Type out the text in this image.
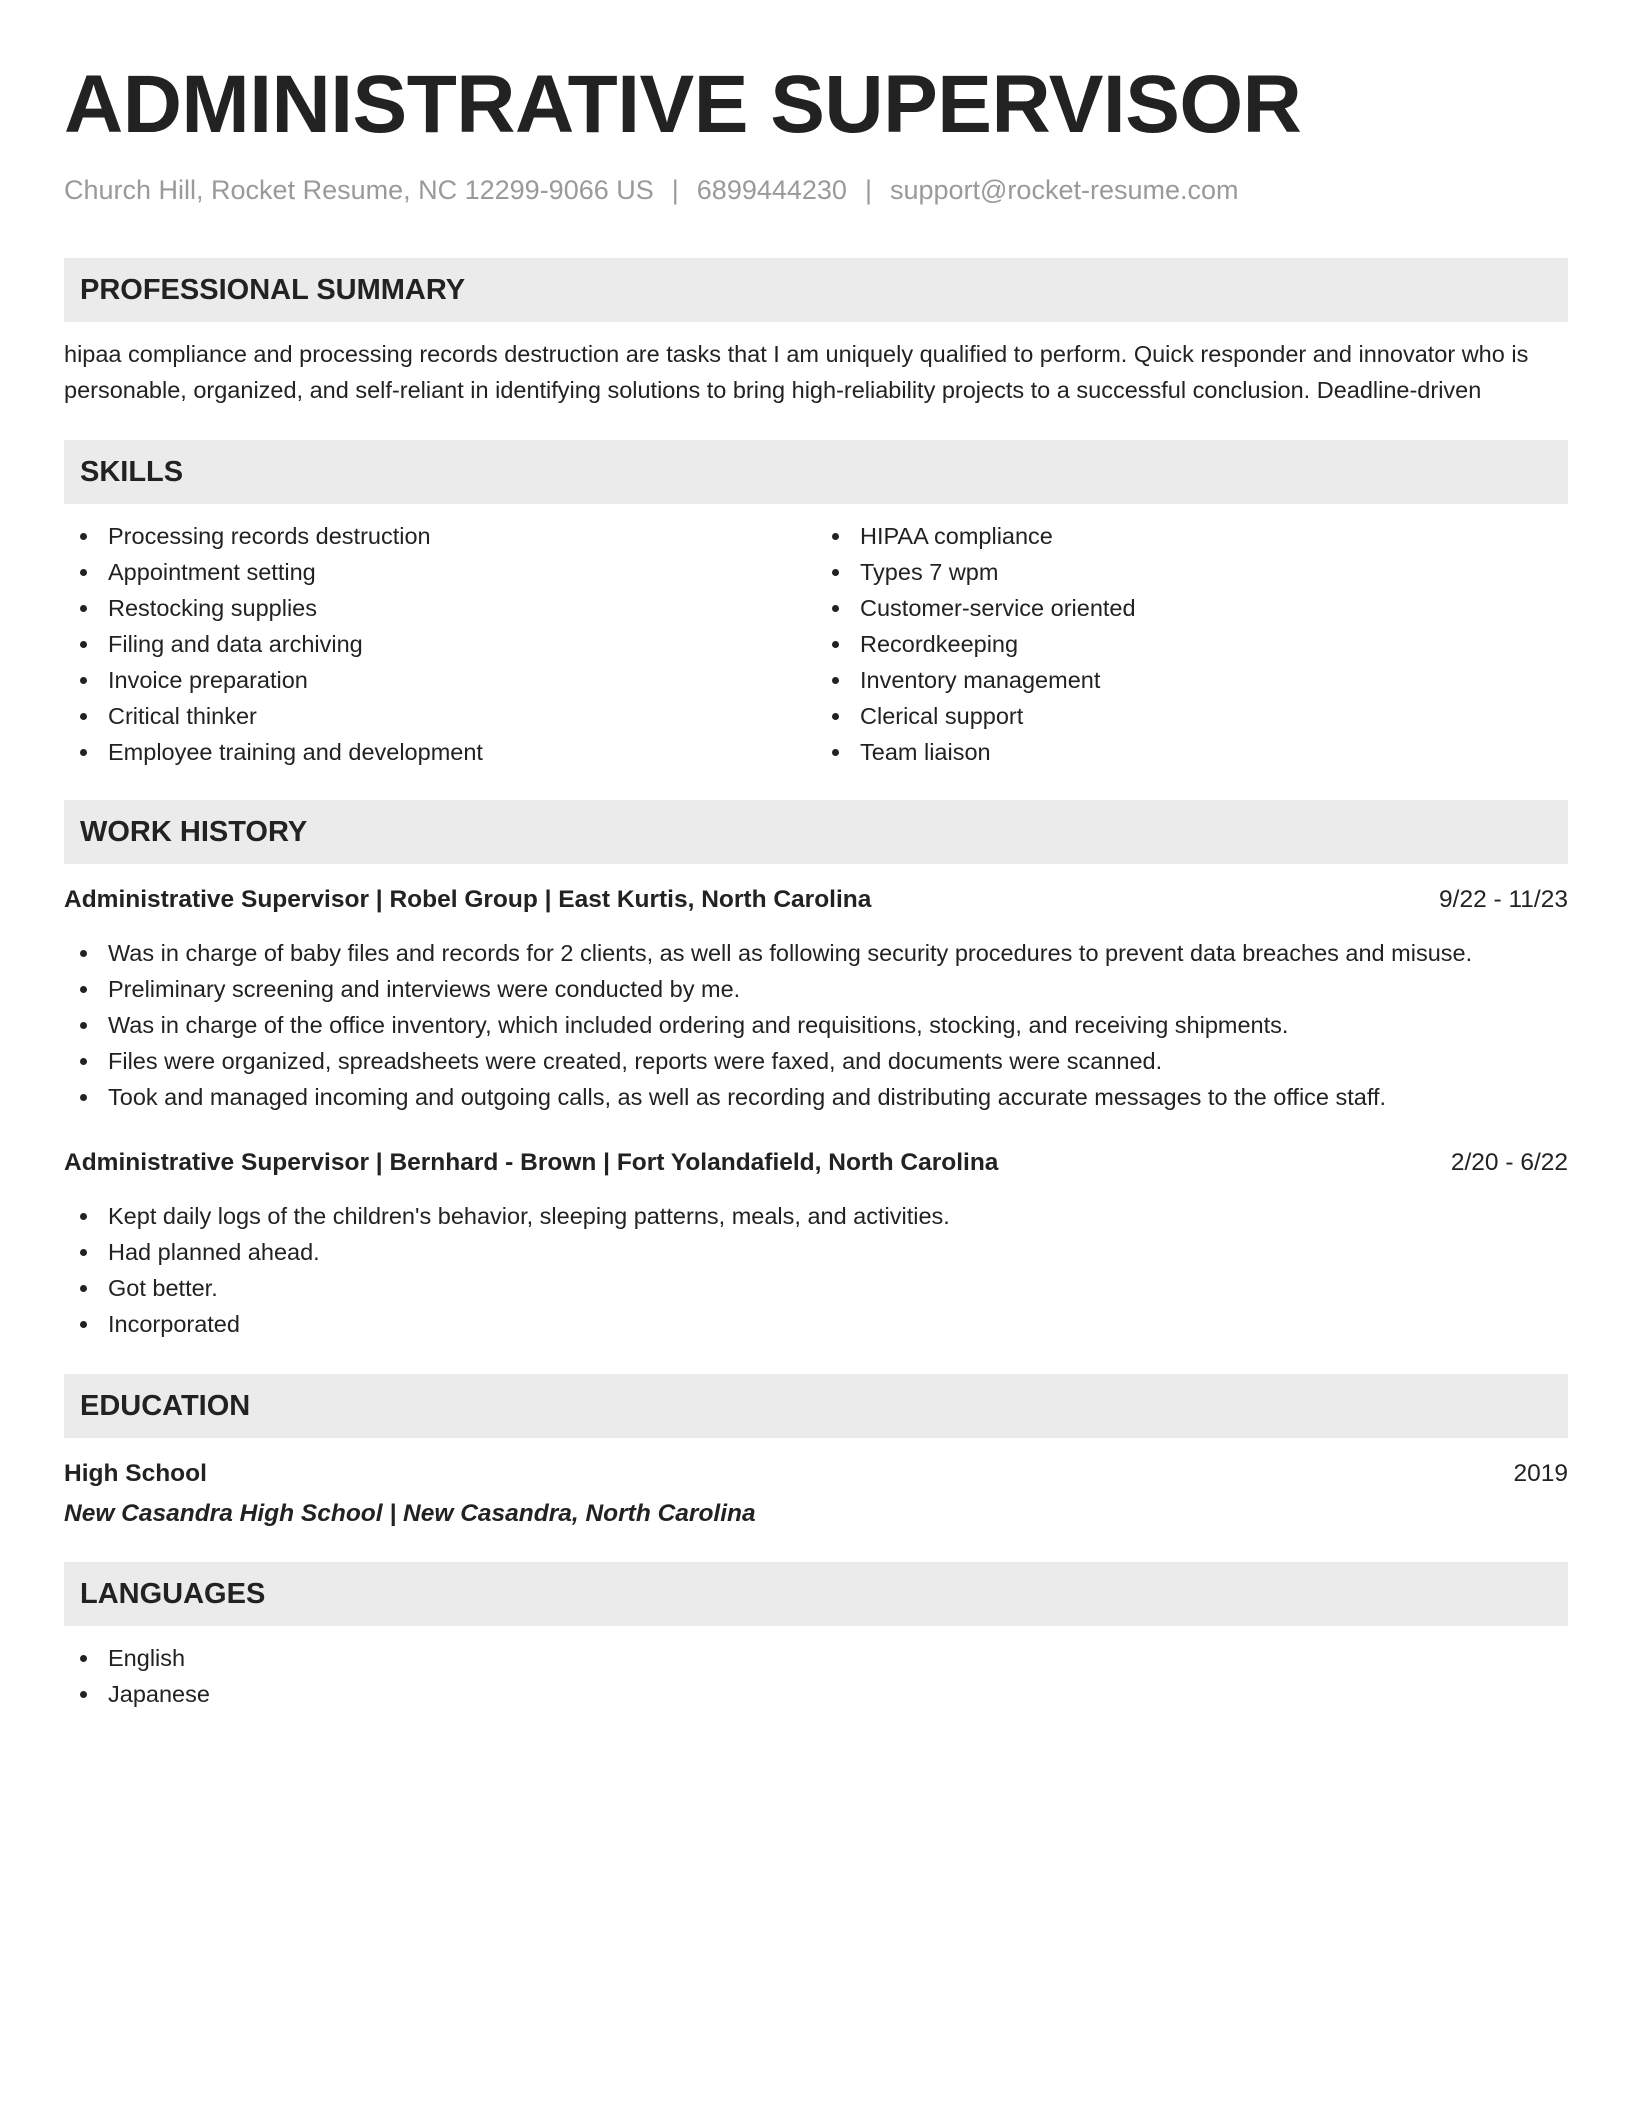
ADMINISTRATIVE SUPERVISOR
Church Hill, Rocket Resume, NC 12299-9066 US | 6899444230 | support@rocket-resume.com
PROFESSIONAL SUMMARY
hipaa compliance and processing records destruction are tasks that I am uniquely qualified to perform. Quick responder and innovator who is personable, organized, and self-reliant in identifying solutions to bring high-reliability projects to a successful conclusion. Deadline-driven
SKILLS
Processing records destruction
Appointment setting
Restocking supplies
Filing and data archiving
Invoice preparation
Critical thinker
Employee training and development
HIPAA compliance
Types 7 wpm
Customer-service oriented
Recordkeeping
Inventory management
Clerical support
Team liaison
WORK HISTORY
Administrative Supervisor | Robel Group | East Kurtis, North Carolina	9/22 - 11/23
Was in charge of baby files and records for 2 clients, as well as following security procedures to prevent data breaches and misuse.
Preliminary screening and interviews were conducted by me.
Was in charge of the office inventory, which included ordering and requisitions, stocking, and receiving shipments.
Files were organized, spreadsheets were created, reports were faxed, and documents were scanned.
Took and managed incoming and outgoing calls, as well as recording and distributing accurate messages to the office staff.
Administrative Supervisor | Bernhard - Brown | Fort Yolandafield, North Carolina	2/20 - 6/22
Kept daily logs of the children's behavior, sleeping patterns, meals, and activities.
Had planned ahead.
Got better.
Incorporated
EDUCATION
High School	2019
New Casandra High School | New Casandra, North Carolina
LANGUAGES
English
Japanese
